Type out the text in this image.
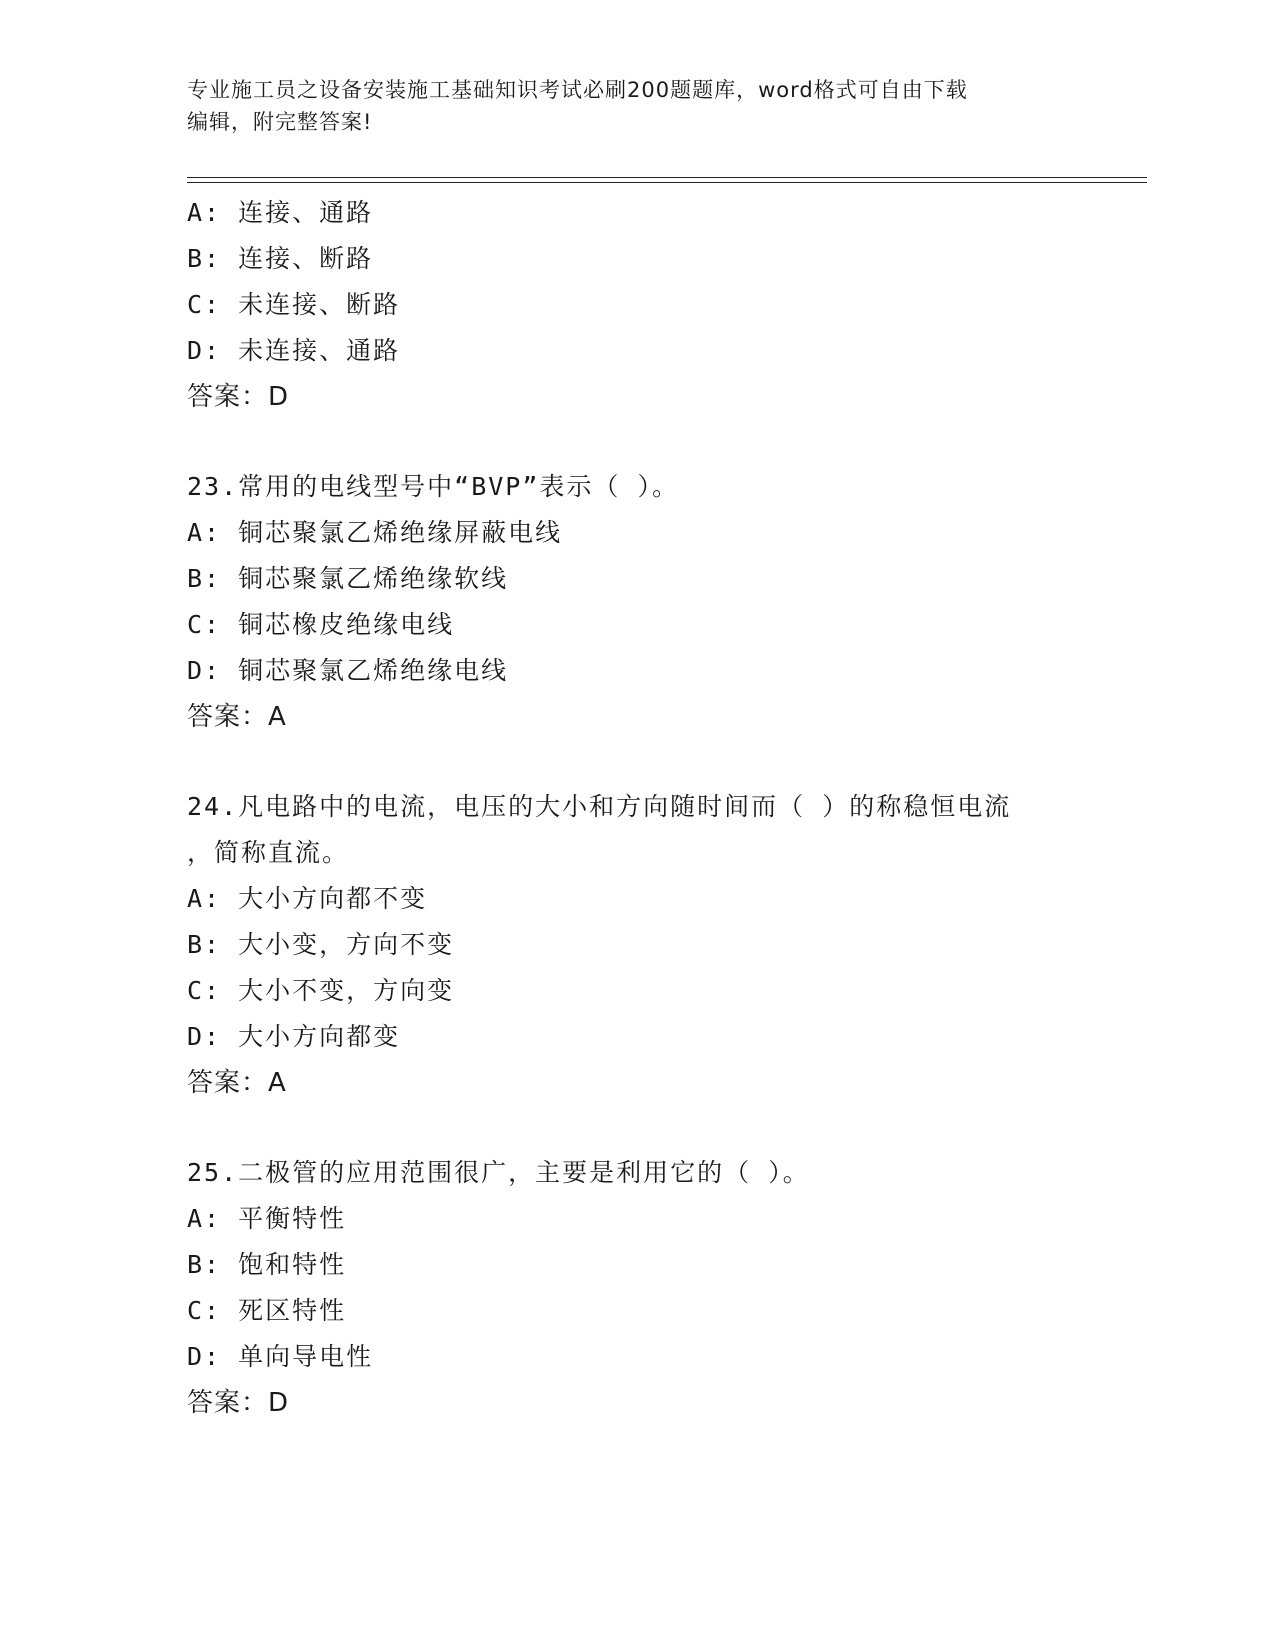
专业施工员之设备安装施工基础知识考试必刷200题题库，word格式可自由下载
编辑，附完整答案!
A: 连接、通路
B: 连接、断路
C: 未连接、断路
D: 未连接、通路
答案：D
23.常用的电线型号中“BVP”表示（ ）。
A: 铜芯聚氯乙烯绝缘屏蔽电线
B: 铜芯聚氯乙烯绝缘软线
C: 铜芯橡皮绝缘电线
D: 铜芯聚氯乙烯绝缘电线
答案：A
24.凡电路中的电流，电压的大小和方向随时间而（ ）的称稳恒电流
，简称直流。
A: 大小方向都不变
B: 大小变，方向不变
C: 大小不变，方向变
D: 大小方向都变
答案：A
25.二极管的应用范围很广，主要是利用它的（ ）。
A: 平衡特性
B: 饱和特性
C: 死区特性
D: 单向导电性
答案：D
